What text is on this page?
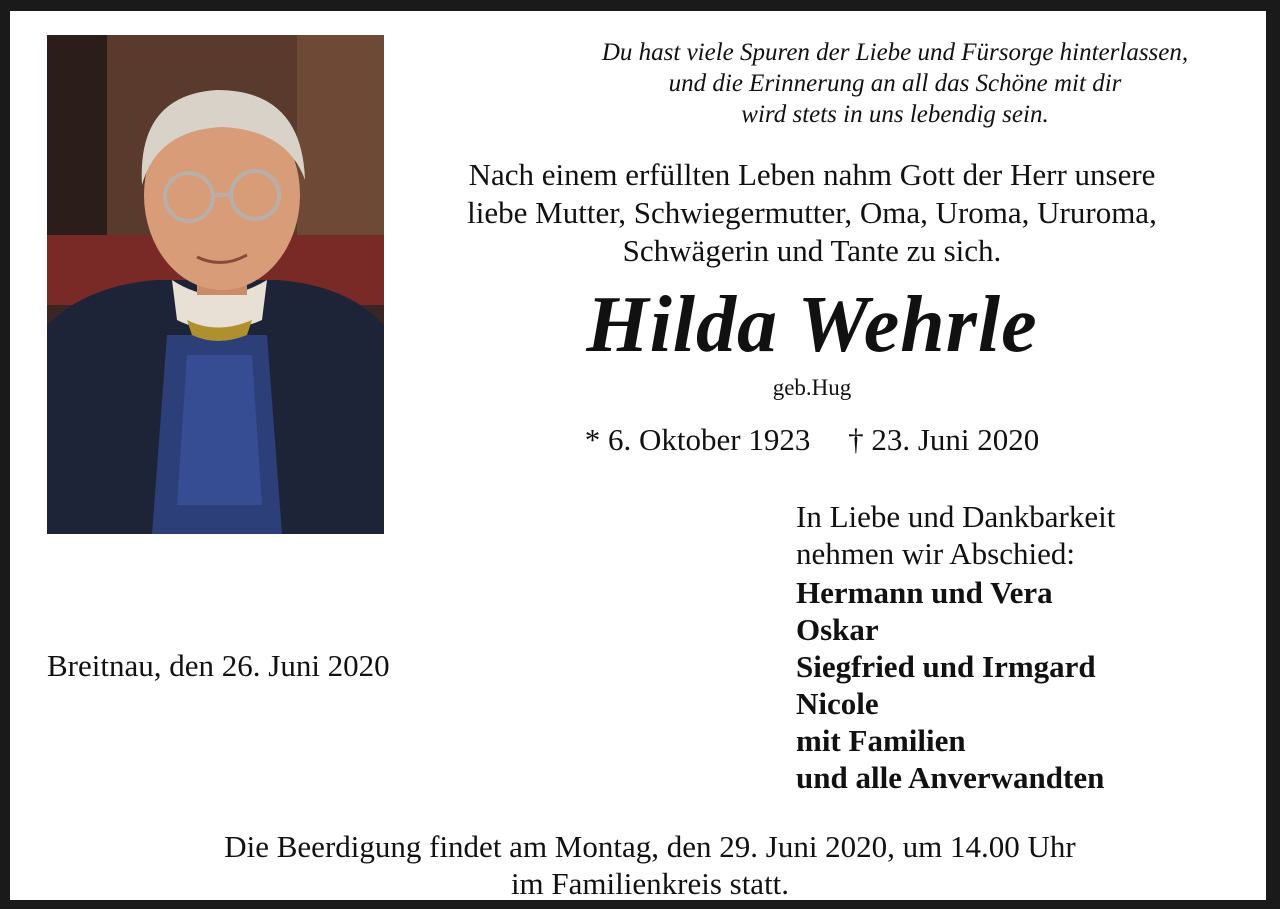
Du hast viele Spuren der Liebe und Fürsorge hinterlassen,
und die Erinnerung an all das Schöne mit dir
wird stets in uns lebendig sein.
Nach einem erfüllten Leben nahm Gott der Herr unsere
liebe Mutter, Schwiegermutter, Oma, Uroma, Ururoma,
Schwägerin und Tante zu sich.
Hilda Wehrle
geb.Hug
* 6. Oktober 1923 † 23. Juni 2020
In Liebe und Dankbarkeit
nehmen wir Abschied:
Hermann und Vera
Oskar
Siegfried und Irmgard
Nicole
mit Familien
und alle Anverwandten
Breitnau, den 26. Juni 2020
Die Beerdigung findet am Montag, den 29. Juni 2020, um 14.00 Uhr
im Familienkreis statt.
